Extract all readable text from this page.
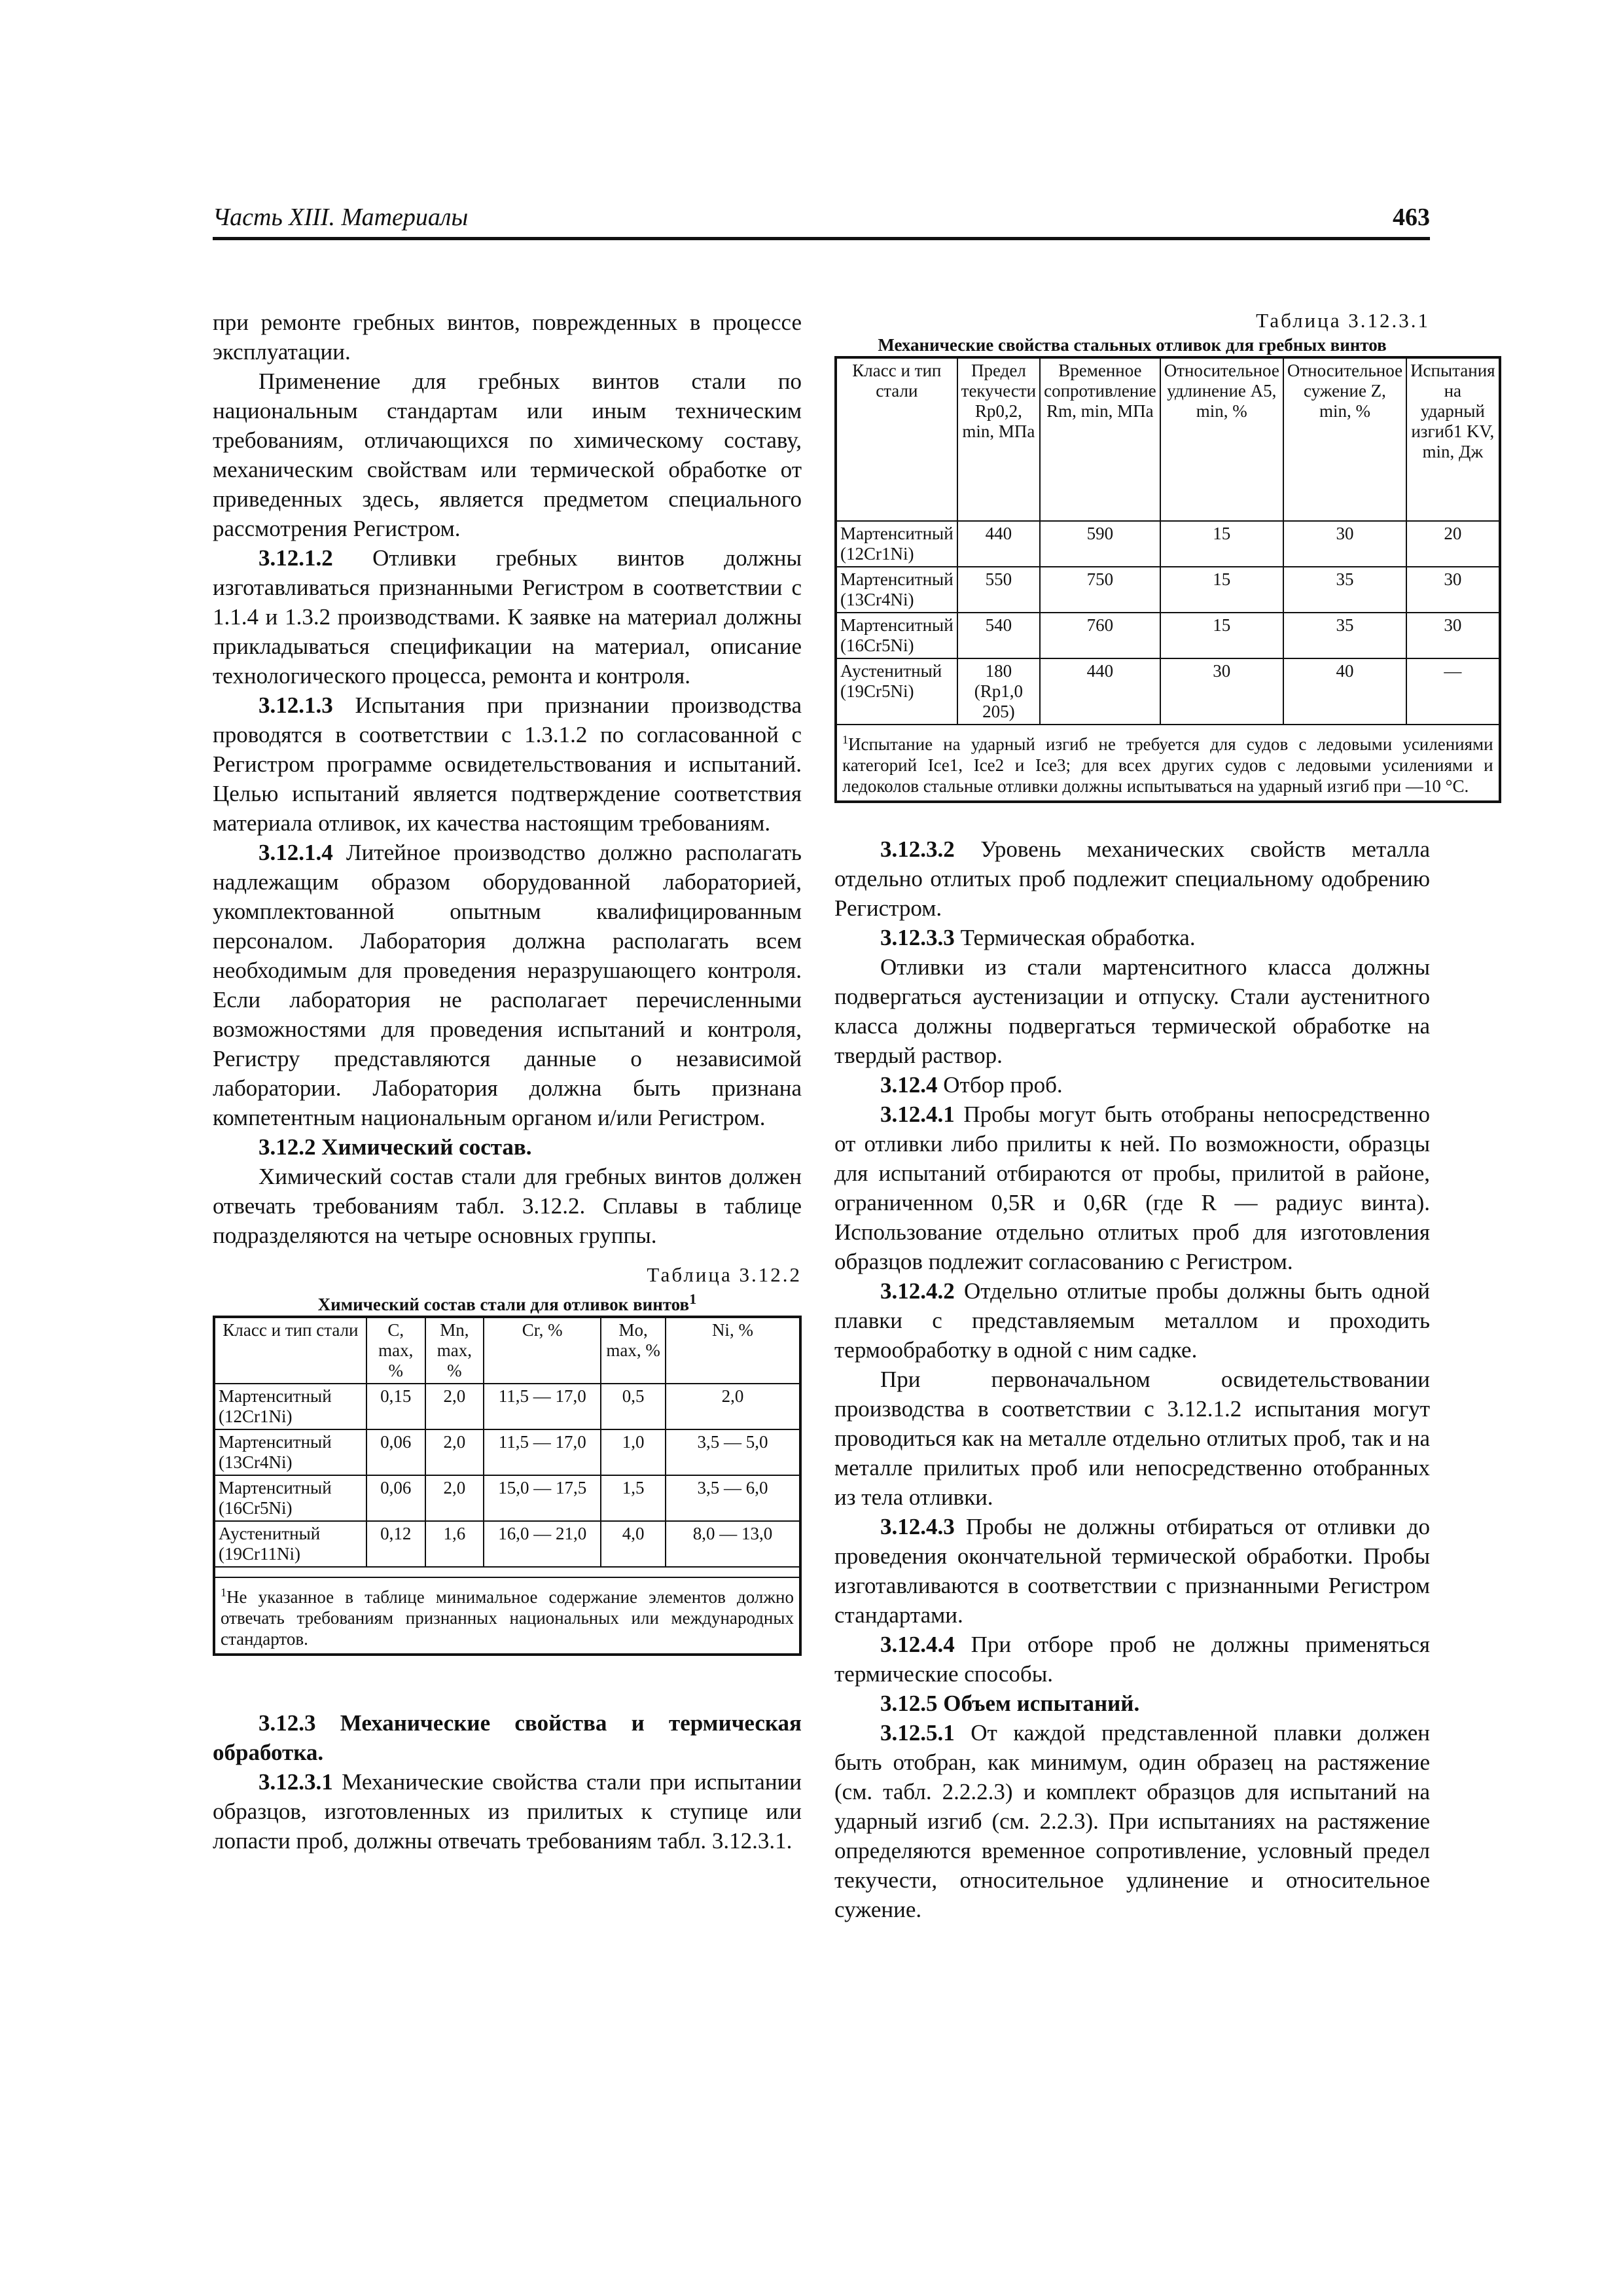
Часть XIII. Материалы	463

при ремонте гребных винтов, поврежденных в процессе эксплуатации.

Применение для гребных винтов стали по национальным стандартам или иным техническим требованиям, отличающихся по химическому составу, механическим свойствам или термической обработке от приведенных здесь, является предметом специального рассмотрения Регистром.

3.12.1.2 Отливки гребных винтов должны изготавливаться признанными Регистром в соответствии с 1.1.4 и 1.3.2 производствами. К заявке на материал должны прикладываться спецификации на материал, описание технологического процесса, ремонта и контроля.

3.12.1.3 Испытания при признании производства проводятся в соответствии с 1.3.1.2 по согласованной с Регистром программе освидетельствования и испытаний. Целью испытаний является подтверждение соответствия материала отливок, их качества настоящим требованиям.

3.12.1.4 Литейное производство должно располагать надлежащим образом оборудованной лабораторией, укомплектованной опытным квалифицированным персоналом. Лаборатория должна располагать всем необходимым для проведения неразрушающего контроля. Если лаборатория не располагает перечисленными возможностями для проведения испытаний и контроля, Регистру представляются данные о независимой лаборатории. Лаборатория должна быть признана компетентным национальным органом и/или Регистром.

3.12.2 Химический состав.

Химический состав стали для гребных винтов должен отвечать требованиям табл. 3.12.2. Сплавы в таблице подразделяются на четыре основных группы.

Таблица 3.12.2
Химический состав стали для отливок винтов$^1$
Класс и тип стали	C, max, %	Mn, max, %	Cr, %	Mo, max, %	Ni, %
Мартенситный (12Cr1Ni)	0,15	2,0	11,5 — 17,0	0,5	2,0
Мартенситный (13Cr4Ni)	0,06	2,0	11,5 — 17,0	1,0	3,5 — 5,0
Мартенситный (16Cr5Ni)	0,06	2,0	15,0 — 17,5	1,5	3,5 — 6,0
Аустенитный (19Cr11Ni)	0,12	1,6	16,0 — 21,0	4,0	8,0 — 13,0

$^1$Не указанное в таблице минимальное содержание элементов должно отвечать требованиям признанных национальных или международных стандартов.					

3.12.3 Механические свойства и термическая обработка.

3.12.3.1 Механические свойства стали при испытании образцов, изготовленных из прилитых к ступице или лопасти проб, должны отвечать требованиям табл. 3.12.3.1.

Таблица 3.12.3.1
Механические свойства стальных отливок для гребных винтов
Класс и тип стали	Предел текучести Rp0,2, min, МПа	Временное сопротивление Rm, min, МПа	Относительное удлинение A5, min, %	Относительное сужение Z, min, %	Испытания на ударный изгиб1 KV, min, Дж
Мартенситный (12Cr1Ni)	440	590	15	30	20
Мартенситный (13Cr4Ni)	550	750	15	35	30
Мартенситный (16Cr5Ni)	540	760	15	35	30
Аустенитный (19Cr5Ni)	180 (Rp1,0 205)	440	30	40	—
$^1$Испытание на ударный изгиб не требуется для судов с ледовыми усилениями категорий Ice1, Ice2 и Ice3; для всех других судов с ледовыми усилениями и ледоколов стальные отливки должны испытываться на ударный изгиб при —10 °С.					

3.12.3.2 Уровень механических свойств металла отдельно отлитых проб подлежит специальному одобрению Регистром.

3.12.3.3 Термическая обработка.

Отливки из стали мартенситного класса должны подвергаться аустенизации и отпуску. Стали аустенитного класса должны подвергаться термической обработке на твердый раствор.

3.12.4 Отбор проб.

3.12.4.1 Пробы могут быть отобраны непосредственно от отливки либо прилиты к ней. По возможности, образцы для испытаний отбираются от пробы, прилитой в районе, ограниченном 0,5R и 0,6R (где R — радиус винта). Использование отдельно отлитых проб для изготовления образцов подлежит согласованию с Регистром.

3.12.4.2 Отдельно отлитые пробы должны быть одной плавки с представляемым металлом и проходить термообработку в одной с ним садке.

При первоначальном освидетельствовании производства в соответствии с 3.12.1.2 испытания могут проводиться как на металле отдельно отлитых проб, так и на металле прилитых проб или непосредственно отобранных из тела отливки.

3.12.4.3 Пробы не должны отбираться от отливки до проведения окончательной термической обработки. Пробы изготавливаются в соответствии с признанными Регистром стандартами.

3.12.4.4 При отборе проб не должны применяться термические способы.

3.12.5 Объем испытаний.

3.12.5.1 От каждой представленной плавки должен быть отобран, как минимум, один образец на растяжение (см. табл. 2.2.2.3) и комплект образцов для испытаний на ударный изгиб (см. 2.2.3). При испытаниях на растяжение определяются временное сопротивление, условный предел текучести, относительное удлинение и относительное сужение.
